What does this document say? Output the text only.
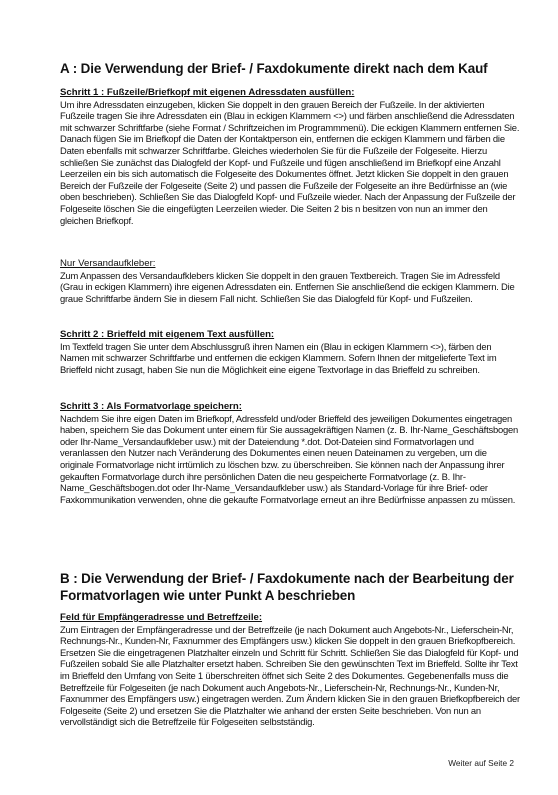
A : Die Verwendung der Brief- / Faxdokumente direkt nach dem Kauf
Schritt 1 : Fußzeile/Briefkopf mit eigenen Adressdaten ausfüllen:
Um ihre Adressdaten einzugeben, klicken Sie doppelt in den grauen Bereich der Fußzeile. In der aktivierten Fußzeile tragen Sie ihre Adressdaten ein (Blau in eckigen Klammern <>) und färben anschließend die Adressdaten mit schwarzer Schriftfarbe (siehe Format / Schriftzeichen im Programmmenü). Die eckigen Klammern entfernen Sie. Danach fügen Sie im Briefkopf die Daten der Kontaktperson ein, entfernen die eckigen Klammern und färben die Daten ebenfalls mit schwarzer Schriftfarbe. Gleiches wiederholen Sie für die Fußzeile der Folgeseite. Hierzu schließen Sie zunächst das Dialogfeld der Kopf- und Fußzeile und fügen anschließend im Briefkopf eine Anzahl Leerzeilen ein bis sich automatisch die Folgeseite des Dokumentes öffnet. Jetzt klicken Sie doppelt in den grauen Bereich der Fußzeile der Folgeseite (Seite 2) und passen die Fußzeile der Folgeseite an ihre Bedürfnisse an (wie oben beschrieben). Schließen Sie das Dialogfeld Kopf- und Fußzeile wieder. Nach der Anpassung der Fußzeile der Folgeseite löschen Sie die eingefügten Leerzeilen wieder. Die Seiten 2 bis n besitzen von nun an immer den gleichen Briefkopf.
Nur Versandaufkleber:
Zum Anpassen des Versandaufklebers klicken Sie doppelt in den grauen Textbereich. Tragen Sie im Adressfeld (Grau in eckigen Klammern) ihre eigenen Adressdaten ein. Entfernen Sie anschließend die eckigen Klammern. Die graue Schriftfarbe ändern Sie in diesem Fall nicht. Schließen Sie das Dialogfeld für Kopf- und Fußzeilen.
Schritt 2 : Brieffeld mit eigenem Text ausfüllen:
Im Textfeld tragen Sie unter dem Abschlussgruß ihren Namen ein (Blau in eckigen Klammern <>), färben den Namen mit schwarzer Schriftfarbe und entfernen die eckigen Klammern. Sofern Ihnen der mitgelieferte Text im Brieffeld nicht zusagt, haben Sie nun die Möglichkeit eine eigene Textvorlage in das Brieffeld zu schreiben.
Schritt 3 : Als Formatvorlage speichern:
Nachdem Sie ihre eigen Daten im Briefkopf, Adressfeld und/oder Brieffeld des jeweiligen Dokumentes eingetragen haben, speichern Sie das Dokument unter einem für Sie aussagekräftigen Namen (z. B. Ihr-Name_Geschäftsbogen oder Ihr-Name_Versandaufkleber usw.) mit der Dateiendung *.dot. Dot-Dateien sind Formatvorlagen und veranlassen den Nutzer nach Veränderung des Dokumentes einen neuen Dateinamen zu vergeben, um die originale Formatvorlage nicht irrtümlich zu löschen bzw. zu überschreiben. Sie können nach der Anpassung ihrer gekauften Formatvorlage durch ihre persönlichen Daten die neu gespeicherte Formatvorlage (z. B. Ihr-Name_Geschäftsbogen.dot oder Ihr-Name_Versandaufkleber usw.) als Standard-Vorlage für ihre Brief- oder Faxkommunikation verwenden, ohne die gekaufte Formatvorlage erneut an ihre Bedürfnisse anpassen zu müssen.
B : Die Verwendung der Brief- / Faxdokumente nach der Bearbeitung der Formatvorlagen wie unter Punkt A beschrieben
Feld für Empfängeradresse und Betreffzeile:
Zum Eintragen der Empfängeradresse und der Betreffzeile (je nach Dokument auch Angebots-Nr., Lieferschein-Nr, Rechnungs-Nr., Kunden-Nr, Faxnummer des Empfängers usw.) klicken Sie doppelt in den grauen Briefkopfbereich. Ersetzen Sie die eingetragenen Platzhalter einzeln und Schritt für Schritt. Schließen Sie das Dialogfeld für Kopf- und Fußzeilen sobald Sie alle Platzhalter ersetzt haben. Schreiben Sie den gewünschten Text im Brieffeld. Sollte ihr Text im Brieffeld den Umfang von Seite 1 überschreiten öffnet sich Seite 2 des Dokumentes. Gegebenenfalls muss die Betreffzeile für Folgeseiten (je nach Dokument auch Angebots-Nr., Lieferschein-Nr, Rechnungs-Nr., Kunden-Nr, Faxnummer des Empfängers usw.) eingetragen werden. Zum Ändern klicken Sie in den grauen Briefkopfbereich der Folgeseite (Seite 2) und ersetzen Sie die Platzhalter wie anhand der ersten Seite beschrieben. Von nun an vervollständigt sich die Betreffzeile für Folgeseiten selbstständig.
Weiter auf Seite 2
